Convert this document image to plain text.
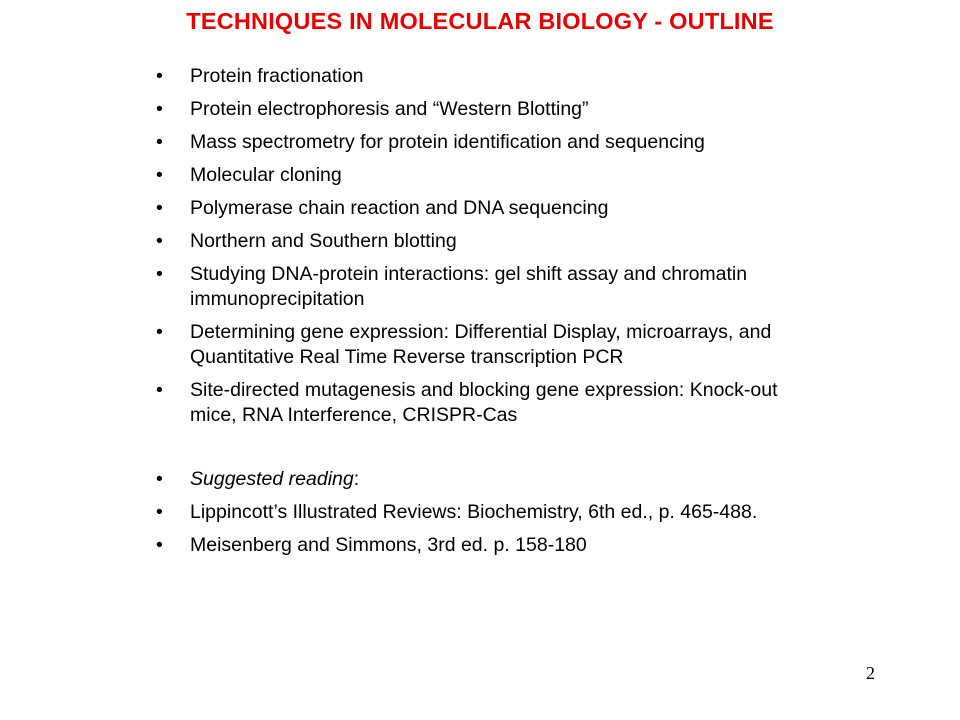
TECHNIQUES IN MOLECULAR BIOLOGY - OUTLINE
• Protein fractionation
• Protein electrophoresis and “Western Blotting”
• Mass spectrometry for protein identification and sequencing
• Molecular cloning
• Polymerase chain reaction and DNA sequencing
• Northern and Southern blotting
• Studying DNA-protein interactions: gel shift assay and chromatin immunoprecipitation
• Determining gene expression: Differential Display, microarrays, and Quantitative Real Time Reverse transcription PCR
• Site-directed mutagenesis and blocking gene expression: Knock-out mice, RNA Interference, CRISPR-Cas
• Suggested reading:
• Lippincott’s Illustrated Reviews: Biochemistry, 6th ed., p. 465-488.
• Meisenberg and Simmons, 3rd ed. p. 158-180
2
